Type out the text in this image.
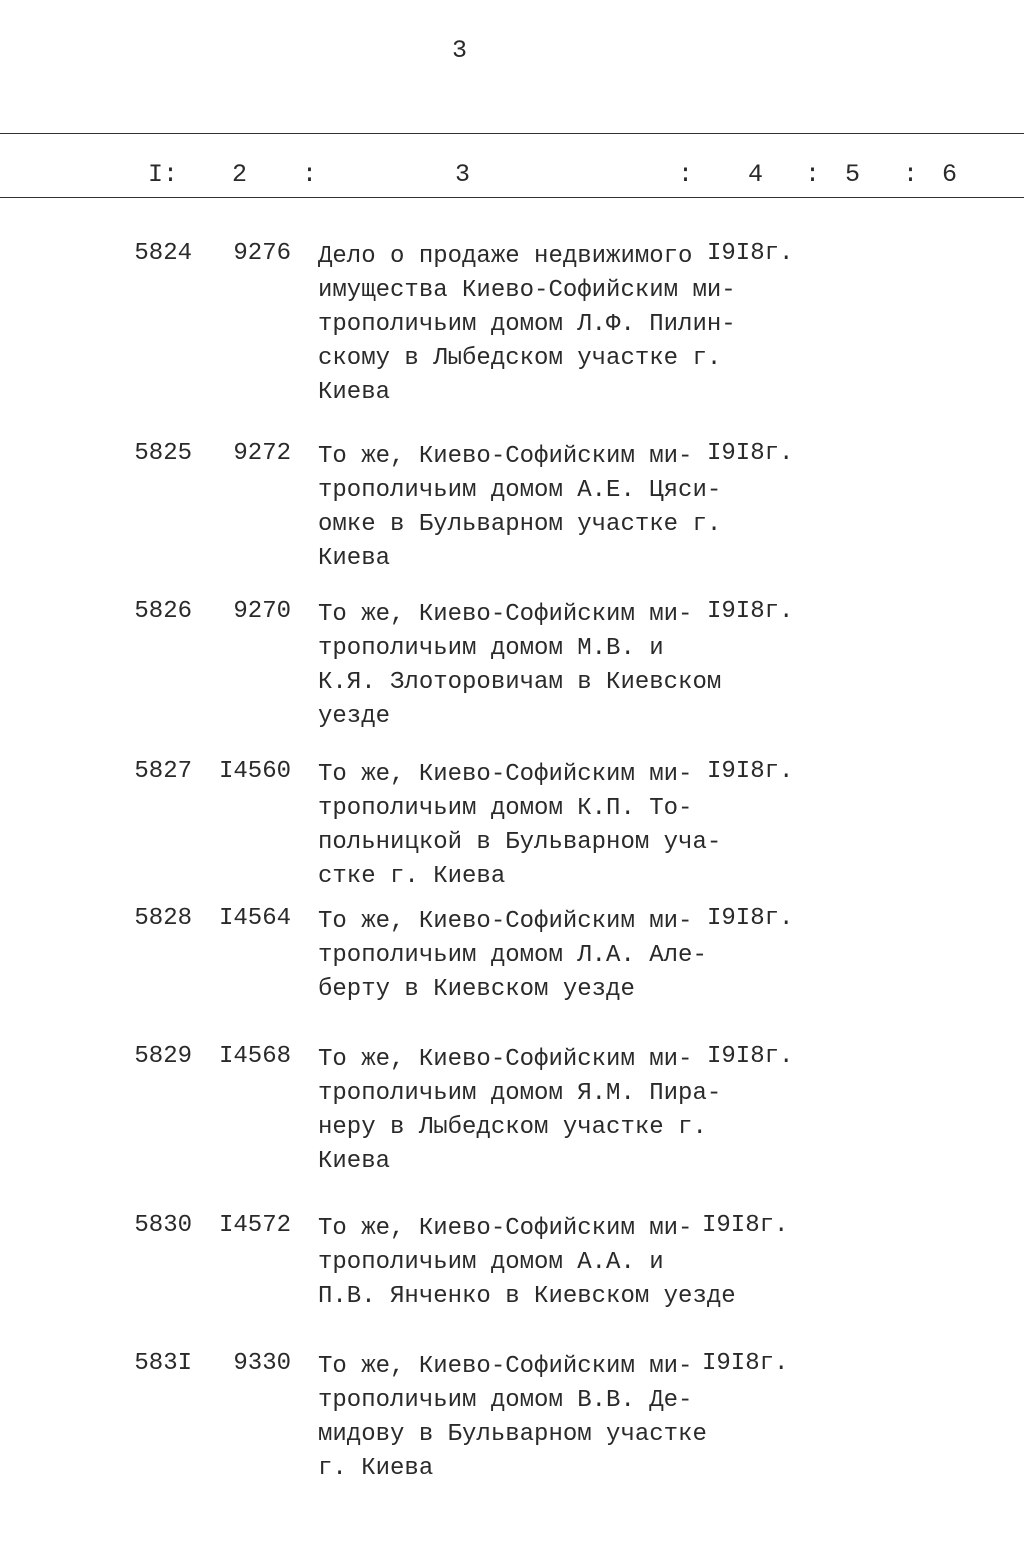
3
I: 2 :	3	: 4 : 5 : 6
5824	9276 Дело о продаже недвижимого
имущества Киево-Софийским ми-
трополичьим домом Л.Ф. Пилин-
скому в Лыбедском участке г.
Киева
I9I8г.
5825	9272 То же, Киево-Софийским ми-
трополичьим домом А.Е. Цяси-
омке в Бульварном участке г.
Киева
I9I8г.
5826	9270 То же, Киево-Софийским ми-
трополичьим домом М.В. и
К.Я. Злоторовичам в Киевском
уезде
I9I8г.
5827	I4560 То же, Киево-Софийским ми-
трополичьим домом К.П. То-
польницкой в Бульварном уча-
стке г. Киева
I9I8г.
5828	I4564 То же, Киево-Софийским ми-
трополичьим домом Л.А. Але-
берту в Киевском уезде
I9I8г.
5829	I4568 То же, Киево-Софийским ми-
трополичьим домом Я.М. Пира-
неру в Лыбедском участке г.
Киева
I9I8г.
5830	I4572 То же, Киево-Софийским ми-
трополичьим домом А.А. и
П.В. Янченко в Киевском уезде
I9I8г.
583I	9330 То же, Киево-Софийским ми-
трополичьим домом В.В. Де-
мидову в Бульварном участке
г. Киева
I9I8г.
